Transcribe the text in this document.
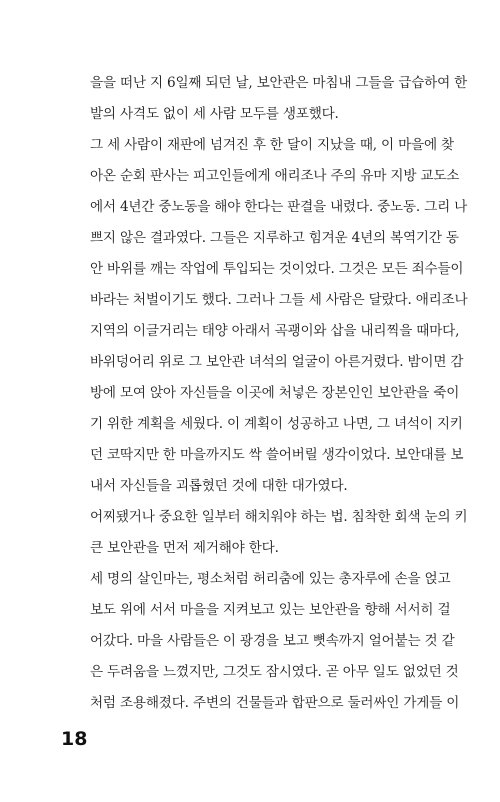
을을 떠난 지 6일째 되던 날, 보안관은 마침내 그들을 급습하여 한
발의 사격도 없이 세 사람 모두를 생포했다.
그 세 사람이 재판에 넘겨진 후 한 달이 지났을 때, 이 마을에 찾
아온 순회 판사는 피고인들에게 애리조나 주의 유마 지방 교도소
에서 4년간 중노동을 해야 한다는 판결을 내렸다. 중노동. 그리 나
쁘지 않은 결과였다. 그들은 지루하고 힘겨운 4년의 복역기간 동
안 바위를 깨는 작업에 투입되는 것이었다. 그것은 모든 죄수들이
바라는 처벌이기도 했다. 그러나 그들 세 사람은 달랐다. 애리조나
지역의 이글거리는 태양 아래서 곡괭이와 삽을 내리찍을 때마다,
바위덩어리 위로 그 보안관 녀석의 얼굴이 아른거렸다. 밤이면 감
방에 모여 앉아 자신들을 이곳에 처넣은 장본인인 보안관을 죽이
기 위한 계획을 세웠다. 이 계획이 성공하고 나면, 그 녀석이 지키
던 코딱지만 한 마을까지도 싹 쓸어버릴 생각이었다. 보안대를 보
내서 자신들을 괴롭혔던 것에 대한 대가였다.
어찌됐거나 중요한 일부터 해치워야 하는 법. 침착한 회색 눈의 키
큰 보안관을 먼저 제거해야 한다.
세 명의 살인마는, 평소처럼 허리춤에 있는 총자루에 손을 얹고
보도 위에 서서 마을을 지켜보고 있는 보안관을 향해 서서히 걸
어갔다. 마을 사람들은 이 광경을 보고 뼛속까지 얼어붙는 것 같
은 두려움을 느꼈지만, 그것도 잠시였다. 곧 아무 일도 없었던 것
처럼 조용해졌다. 주변의 건물들과 합판으로 둘러싸인 가게들 이
18
